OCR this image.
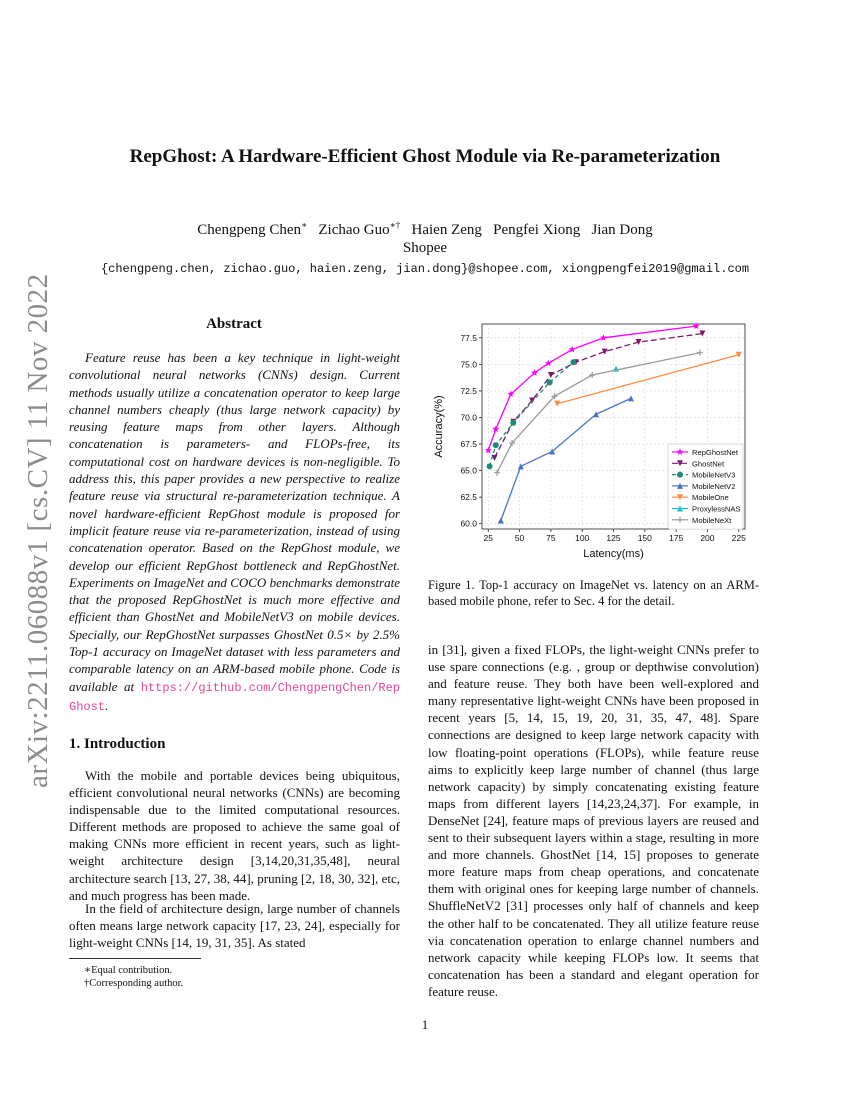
arXiv:2211.06088v1 [cs.CV] 11 Nov 2022
RepGhost: A Hardware-Efficient Ghost Module via Re-parameterization
Chengpeng Chen∗ Zichao Guo∗† Haien Zeng Pengfei Xiong Jian Dong
Shopee
{chengpeng.chen, zichao.guo, haien.zeng, jian.dong}@shopee.com, xiongpengfei2019@gmail.com
Abstract

Feature reuse has been a key technique in light-weight convolutional neural networks (CNNs) design. Current methods usually utilize a concatenation operator to keep large channel numbers cheaply (thus large network capacity) by reusing feature maps from other layers. Although concatenation is parameters- and FLOPs-free, its computational cost on hardware devices is non-negligible. To address this, this paper provides a new perspective to realize feature reuse via structural re-parameterization technique. A novel hardware-efficient RepGhost module is proposed for implicit feature reuse via re-parameterization, instead of using concatenation operator. Based on the RepGhost module, we develop our efficient RepGhost bottleneck and RepGhostNet. Experiments on ImageNet and COCO benchmarks demonstrate that the proposed RepGhostNet is much more effective and efficient than GhostNet and MobileNetV3 on mobile devices. Specially, our RepGhostNet surpasses GhostNet 0.5× by 2.5% Top-1 accuracy on ImageNet dataset with less parameters and comparable latency on an ARM-based mobile phone. Code is available at https://github.com/ChengpengChen/RepGhost.

1. Introduction

With the mobile and portable devices being ubiquitous, efficient convolutional neural networks (CNNs) are becoming indispensable due to the limited computational resources. Different methods are proposed to achieve the same goal of making CNNs more efficient in recent years, such as light-weight architecture design [3,14,20,31,35,48], neural architecture search [13, 27, 38, 44], pruning [2, 18, 30, 32], etc, and much progress has been made.

In the field of architecture design, large number of channels often means large network capacity [17, 23, 24], especially for light-weight CNNs [14, 19, 31, 35]. As stated

in [31], given a fixed FLOPs, the light-weight CNNs prefer to use spare connections (e.g. , group or depthwise convolution) and feature reuse. They both have been well-explored and many representative light-weight CNNs have been proposed in recent years [5, 14, 15, 19, 20, 31, 35, 47, 48]. Spare connections are designed to keep large network capacity with low floating-point operations (FLOPs), while feature reuse aims to explicitly keep large number of channel (thus large network capacity) by simply concatenating existing feature maps from different layers [14,23,24,37]. For example, in DenseNet [24], feature maps of previous layers are reused and sent to their subsequent layers within a stage, resulting in more and more channels. GhostNet [14, 15] proposes to generate more feature maps from cheap operations, and concatenate them with original ones for keeping large number of channels. ShuffleNetV2 [31] processes only half of channels and keep the other half to be concatenated. They all utilize feature reuse via concatenation operation to enlarge channel numbers and network capacity while keeping FLOPs low. It seems that concatenation has been a standard and elegant operation for feature reuse.

∗Equal contribution.
†Corresponding author.
25	50	75 100 125 150 175 200 225
60.0
62.5
65.0
67.5
70.0
72.5
75.0
77.5
Latency(ms)
Accuracy(%)	RepGhostNet
GhostNet
MobileNetV3
MobileNetV2
MobileOne
ProxylessNAS
MobileNeXt

Figure 1. Top-1 accuracy on ImageNet vs. latency on an ARM-based mobile phone, refer to Sec. 4 for the detail.

1
